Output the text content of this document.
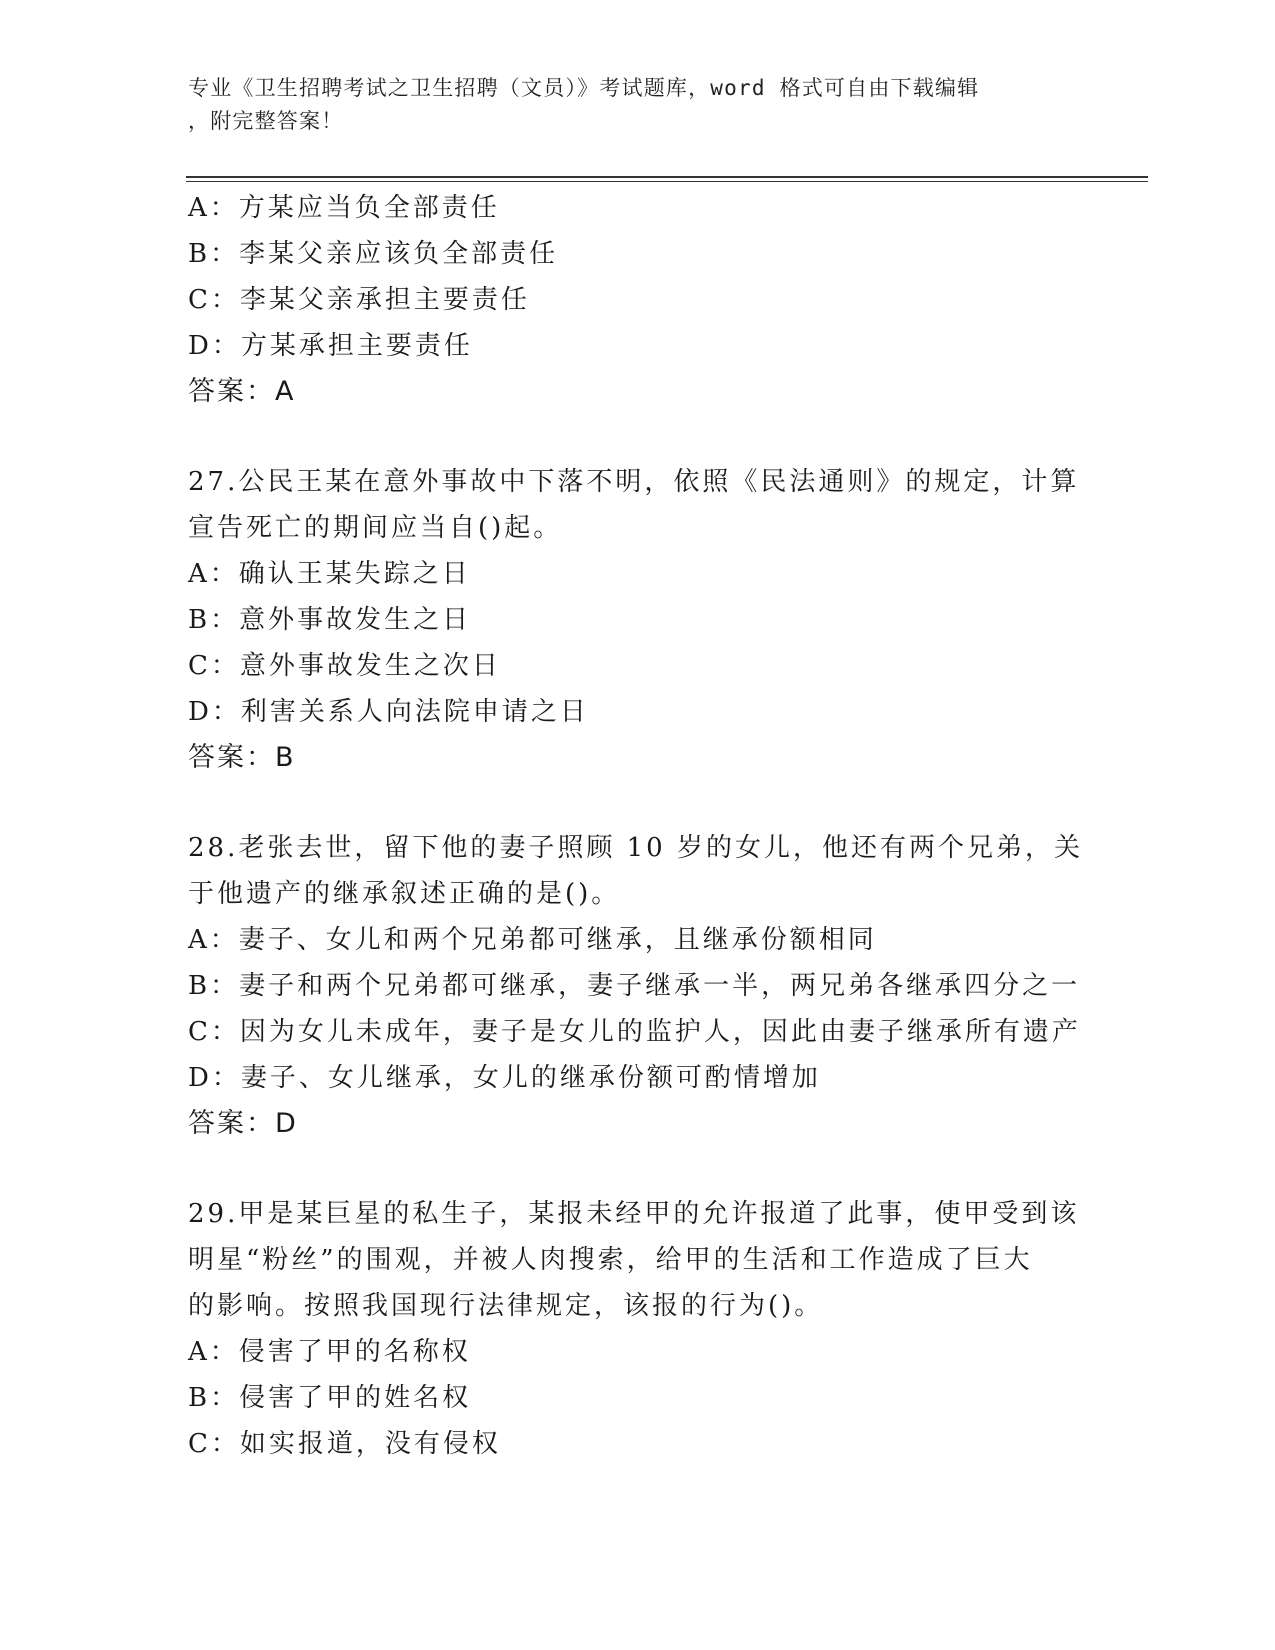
专业《卫生招聘考试之卫生招聘（文员）》考试题库，word 格式可自由下载编辑
，附完整答案！
A：方某应当负全部责任
B：李某父亲应该负全部责任
C：李某父亲承担主要责任
D：方某承担主要责任
答案：A
27.公民王某在意外事故中下落不明，依照《民法通则》的规定，计算
宣告死亡的期间应当自()起。
A：确认王某失踪之日
B：意外事故发生之日
C：意外事故发生之次日
D：利害关系人向法院申请之日
答案：B
28.老张去世，留下他的妻子照顾 10 岁的女儿，他还有两个兄弟，关
于他遗产的继承叙述正确的是()。
A：妻子、女儿和两个兄弟都可继承，且继承份额相同
B：妻子和两个兄弟都可继承，妻子继承一半，两兄弟各继承四分之一
C：因为女儿未成年，妻子是女儿的监护人，因此由妻子继承所有遗产
D：妻子、女儿继承，女儿的继承份额可酌情增加
答案：D
29.甲是某巨星的私生子，某报未经甲的允许报道了此事，使甲受到该
明星“粉丝”的围观，并被人肉搜索，给甲的生活和工作造成了巨大
的影响。按照我国现行法律规定，该报的行为()。
A：侵害了甲的名称权
B：侵害了甲的姓名权
C：如实报道，没有侵权
